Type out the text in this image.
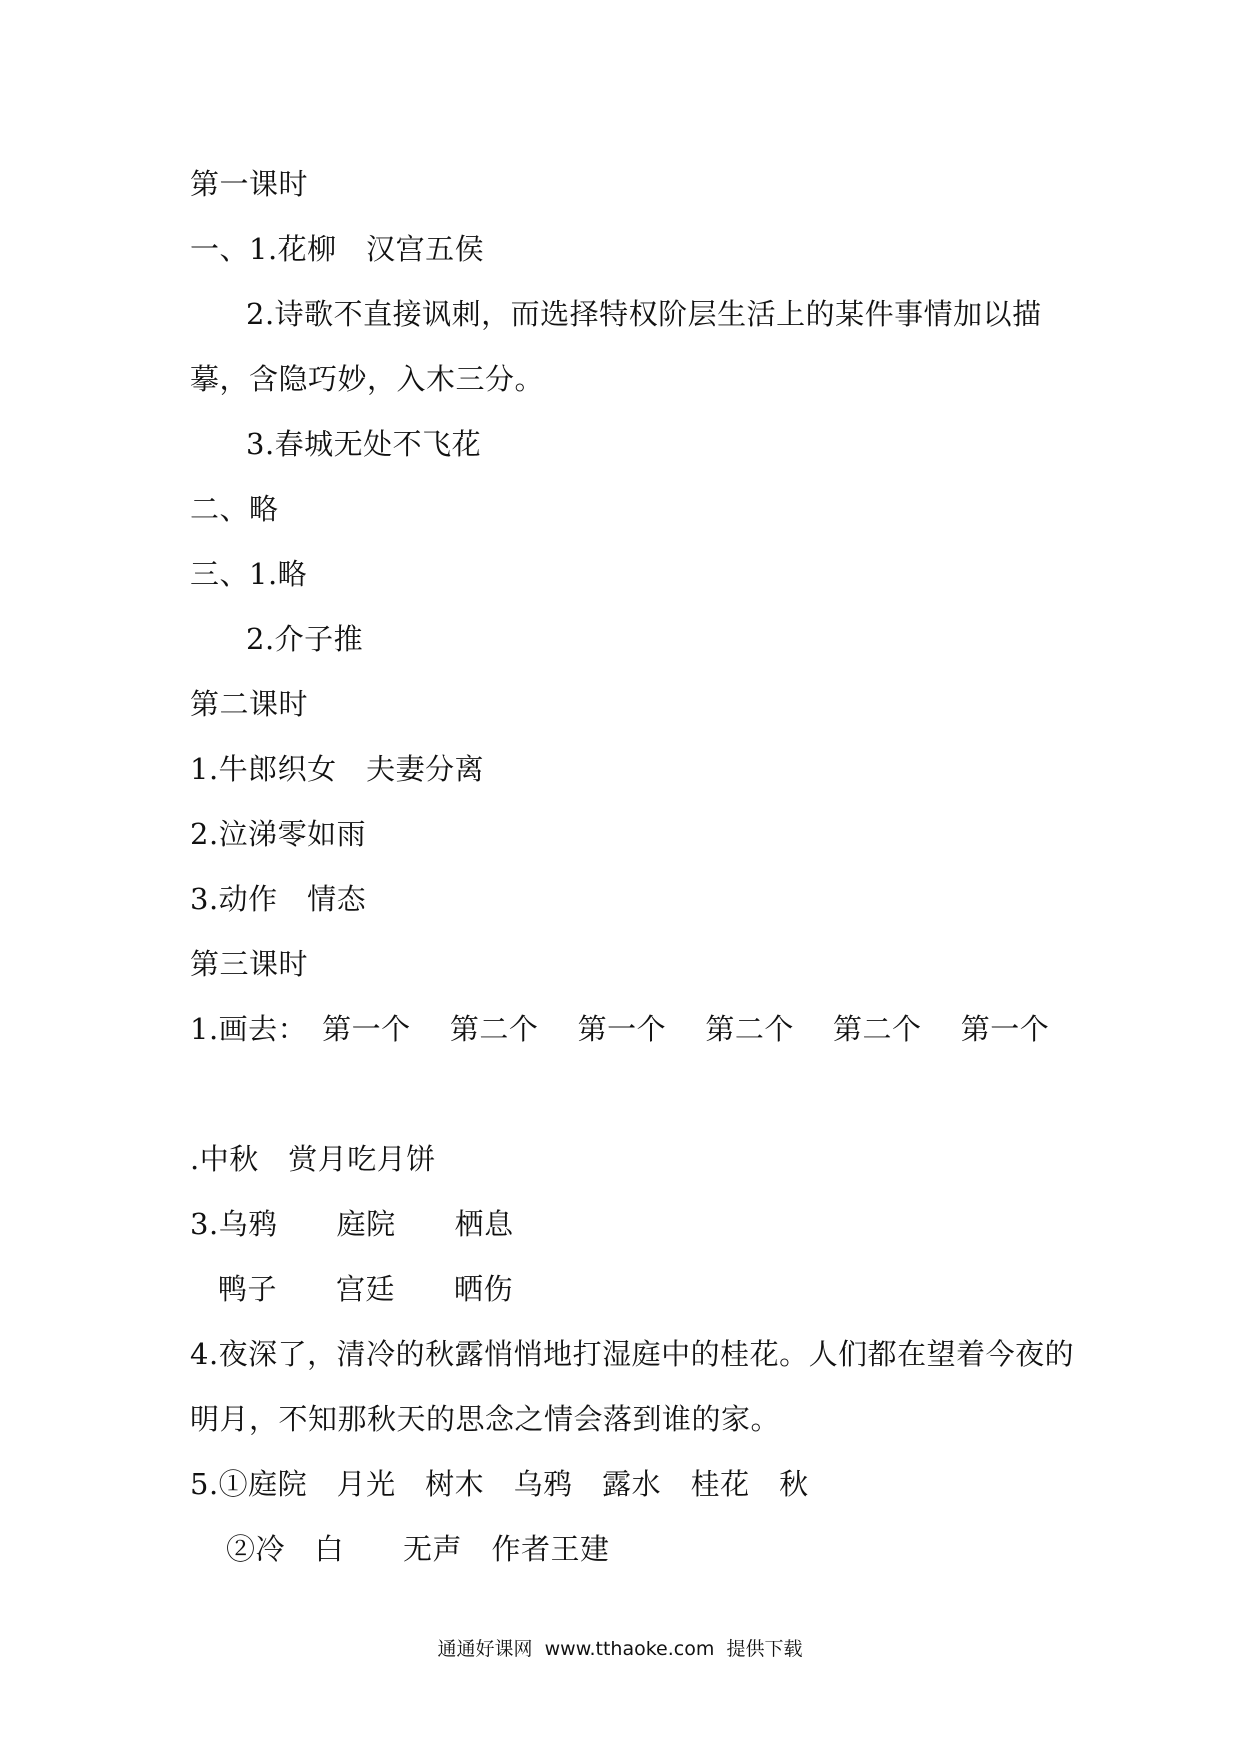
第一课时
一、1.花柳　汉宫五侯
2.诗歌不直接讽刺，而选择特权阶层生活上的某件事情加以描
摹，含隐巧妙，入木三分。
3.春城无处不飞花
二、略
三、1.略
2.介子推
第二课时
1.牛郎织女　夫妻分离
2.泣涕零如雨
3.动作　情态
第三课时
1.画去：　第一个　 第二个　 第一个　 第二个　 第二个　 第一个
.中秋　赏月吃月饼
3.乌鸦　　庭院　　栖息
鸭子　　宫廷　　晒伤
4.夜深了，清冷的秋露悄悄地打湿庭中的桂花。人们都在望着今夜的
明月，不知那秋天的思念之情会落到谁的家。
5.①庭院　月光　树木　乌鸦　露水　桂花　秋
②冷　白　　无声　作者王建
通通好课网  www.tthaoke.com  提供下载
